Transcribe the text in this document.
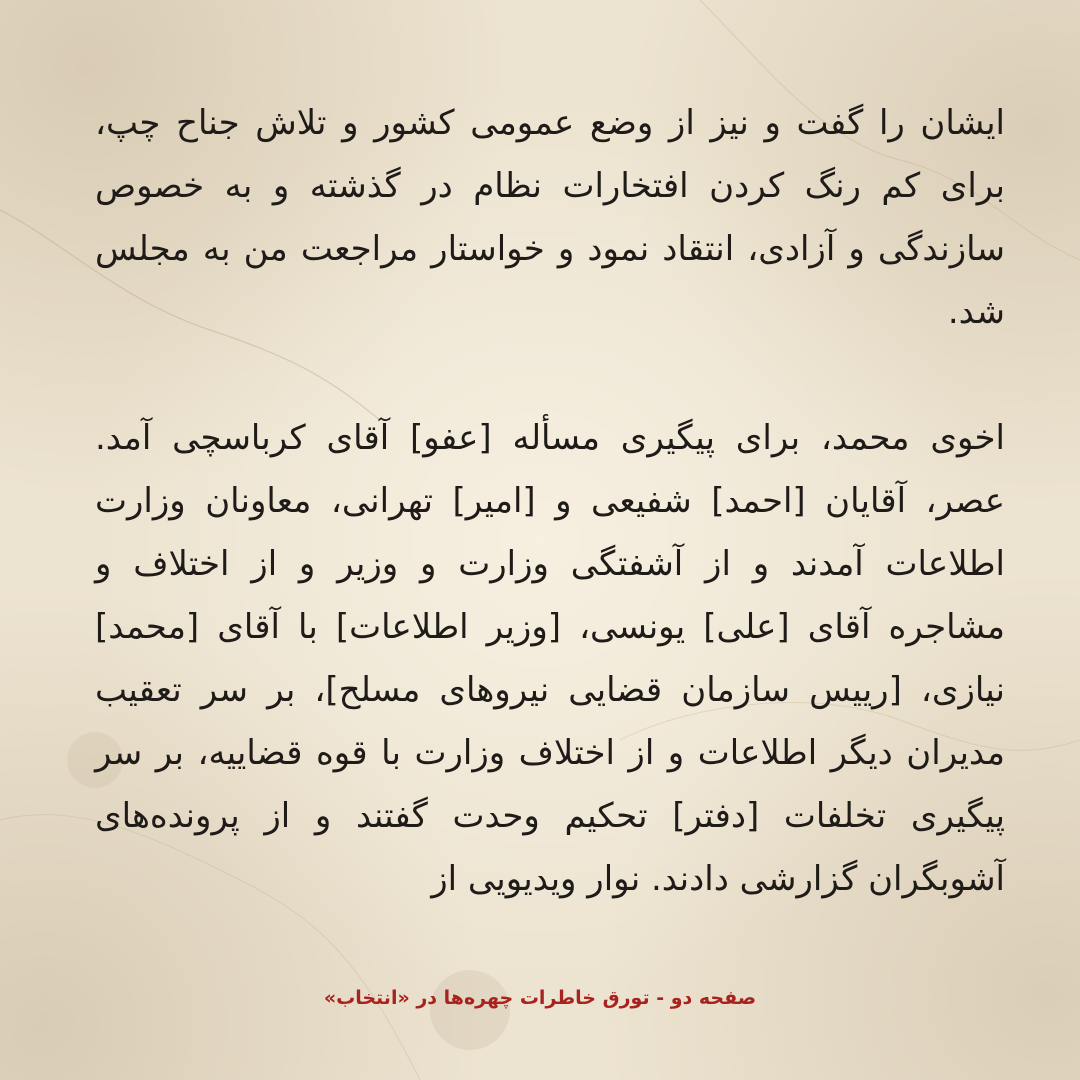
ایشان را گفت و نیز از وضع عمومی کشور و تلاش جناح چپ، برای کم رنگ کردن افتخارات نظام در گذشته و به خصوص سازندگی و آزادی، انتقاد نمود و خواستار مراجعت من به مجلس شد.

اخوی محمد، برای پیگیری مسأله [عفو] آقای کرباسچی آمد. عصر، آقایان [احمد] شفیعی و [امیر] تهرانی، معاونان وزارت اطلاعات آمدند و از آشفتگی وزارت و وزیر و از اختلاف و مشاجره آقای [علی] یونسی، [وزیر اطلاعات] با آقای [محمد] نیازی، [رییس سازمان قضایی نیروهای مسلح]، بر سر تعقیب مدیران دیگر اطلاعات و از اختلاف وزارت با قوه قضاییه، بر سر پیگیری تخلفات [دفتر] تحکیم وحدت گفتند و از پرونده‌های آشوبگران گزارشی دادند. نوار ویدیویی از

صفحه دو - تورق خاطرات چهره‌ها در «انتخاب»
